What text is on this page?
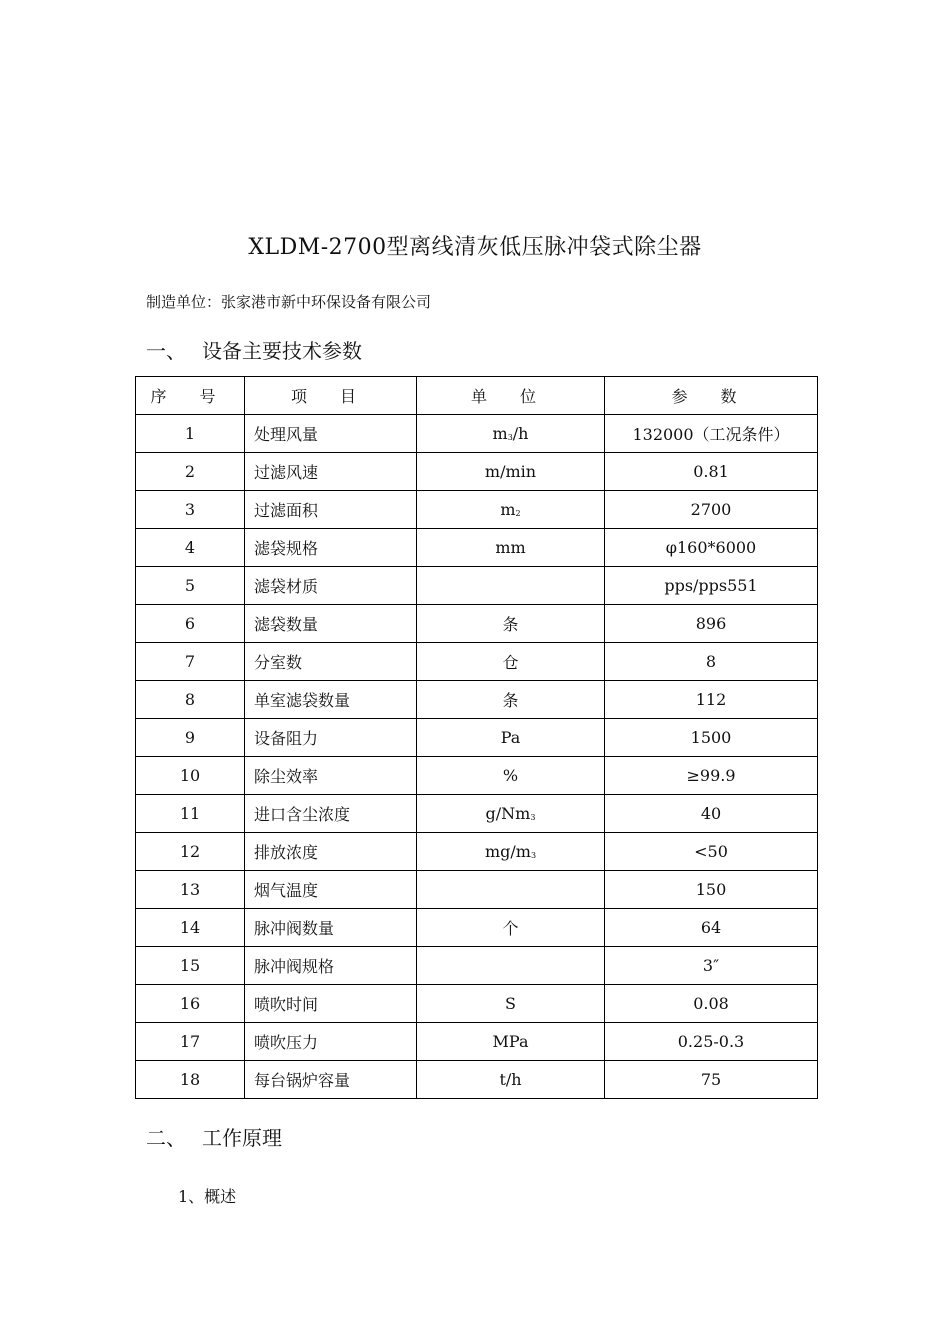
XLDM-2700型离线清灰低压脉冲袋式除尘器
制造单位：张家港市新中环保设备有限公司
一、 设备主要技术参数
序 号	项 目	单 位	参 数
1	处理风量	m3/h	132000（工况条件）
2	过滤风速	m/min	0.81
3	过滤面积	m2	2700
4	滤袋规格	mm	φ160*6000
5	滤袋材质		pps/pps551
6	滤袋数量	条	896
7	分室数	仓	8
8	单室滤袋数量	条	112
9	设备阻力	Pa	1500
10	除尘效率	%	≥99.9
11	进口含尘浓度	g/Nm3	40
12	排放浓度	mg/m3	<50
13	烟气温度		150
14	脉冲阀数量	个	64
15	脉冲阀规格		3″
16	喷吹时间	S	0.08
17	喷吹压力	MPa	0.25-0.3
18	每台锅炉容量	t/h	75
二、 工作原理
1、概述
